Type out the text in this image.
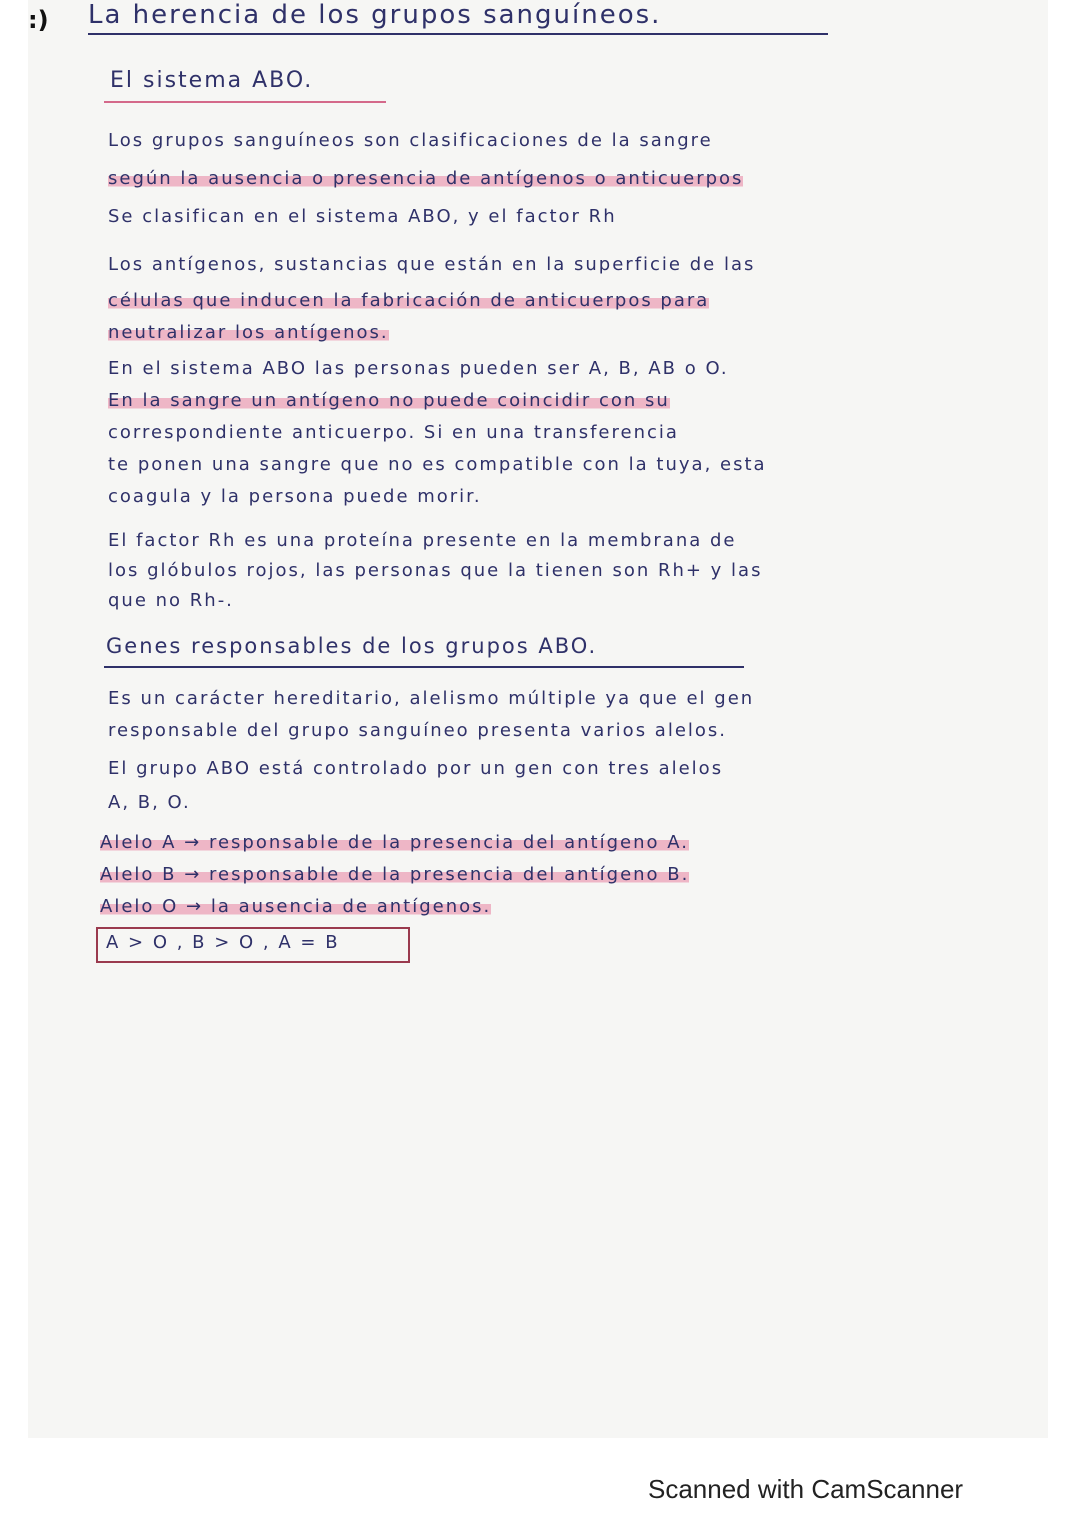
:) La herencia de los grupos sanguíneos.
El sistema ABO.
Los grupos sanguíneos son clasificaciones de la sangre
según la ausencia o presencia de antígenos o anticuerpos
Se clasifican en el sistema ABO, y el factor Rh
Los antígenos, sustancias que están en la superficie de las
células que inducen la fabricación de anticuerpos para
neutralizar los antígenos.
En el sistema ABO las personas pueden ser A, B, AB o O.
En la sangre un antígeno no puede coincidir con su
correspondiente anticuerpo. Si en una transferencia
te ponen una sangre que no es compatible con la tuya, esta
coagula y la persona puede morir.
El factor Rh es una proteína presente en la membrana de
los glóbulos rojos, las personas que la tienen son Rh+ y las
que no Rh-.
Genes responsables de los grupos ABO.
Es un carácter hereditario, alelismo múltiple ya que el gen
responsable del grupo sanguíneo presenta varios alelos.
El grupo ABO está controlado por un gen con tres alelos
A, B, O.
Alelo A → responsable de la presencia del antígeno A.
Alelo B → responsable de la presencia del antígeno B.
Alelo O → la ausencia de antígenos.
A > O , B > O , A = B
Scanned with CamScanner
